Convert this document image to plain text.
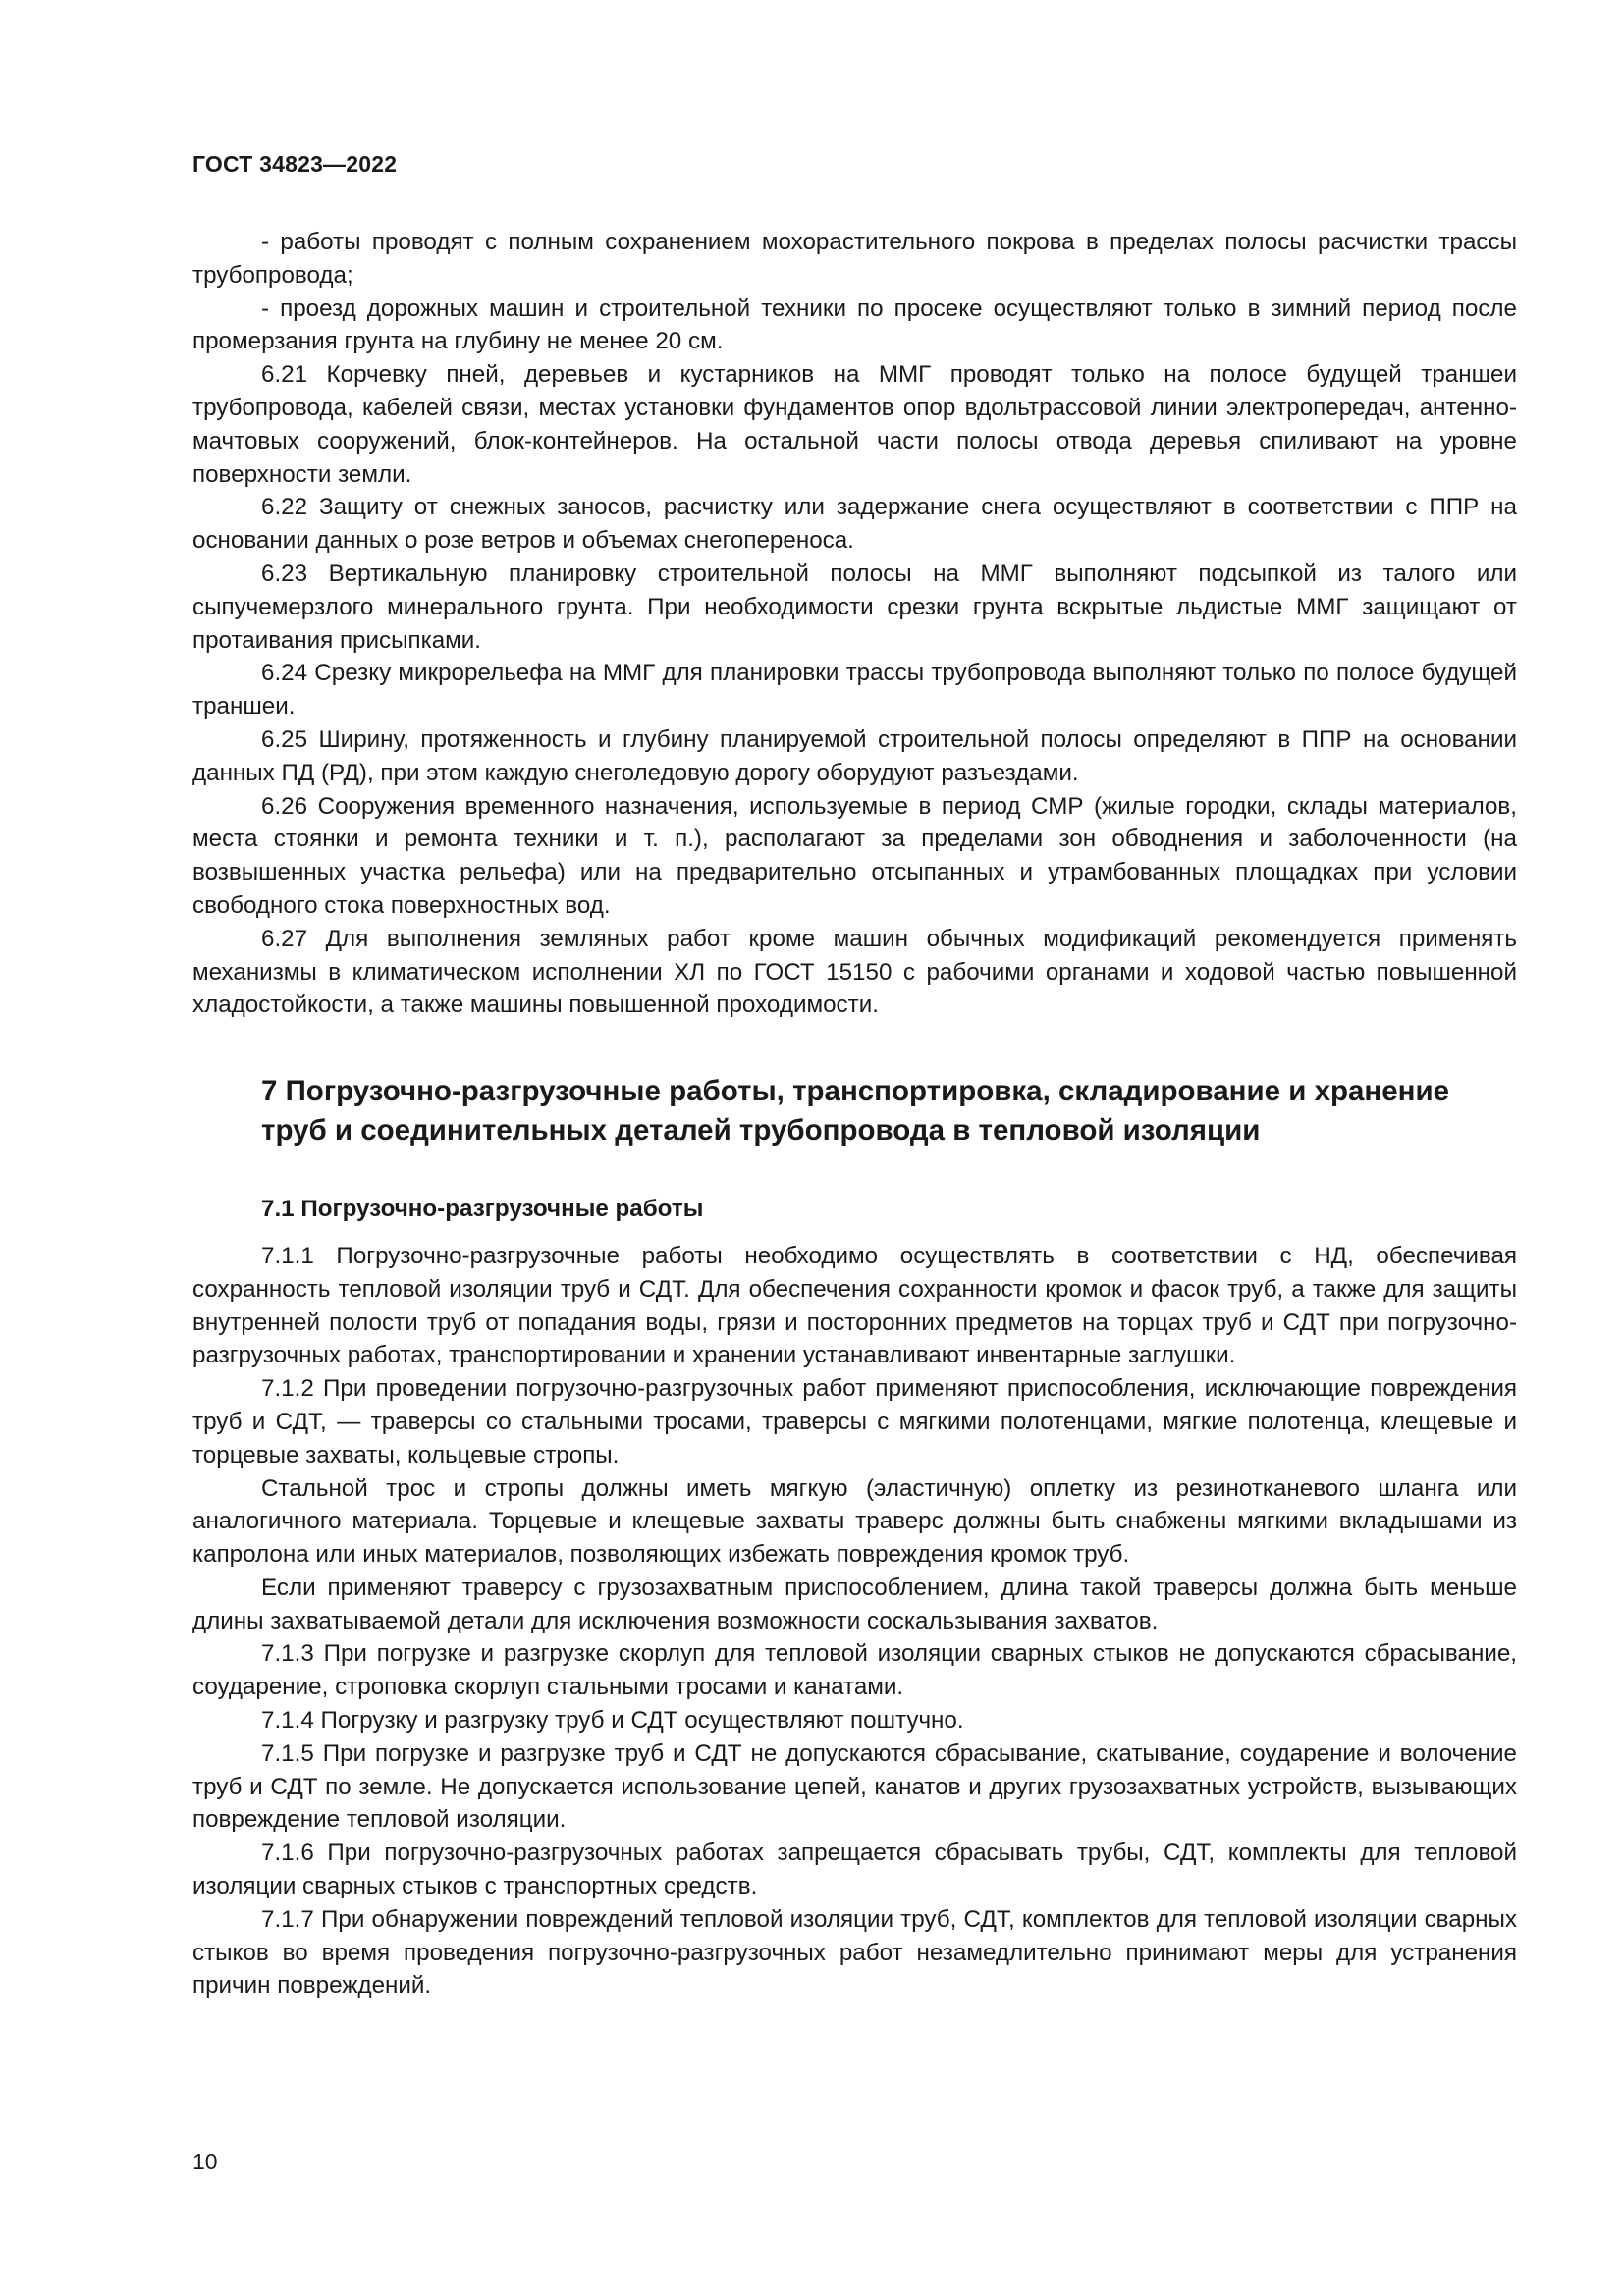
ГОСТ 34823—2022

- работы проводят с полным сохранением мохорастительного покрова в пределах полосы расчистки трассы трубопровода;

- проезд дорожных машин и строительной техники по просеке осуществляют только в зимний период после промерзания грунта на глубину не менее 20 см.

6.21 Корчевку пней, деревьев и кустарников на ММГ проводят только на полосе будущей траншеи трубопровода, кабелей связи, местах установки фундаментов опор вдольтрассовой линии электропередач, антенно-мачтовых сооружений, блок-контейнеров. На остальной части полосы отвода деревья спиливают на уровне поверхности земли.

6.22 Защиту от снежных заносов, расчистку или задержание снега осуществляют в соответствии с ППР на основании данных о розе ветров и объемах снегопереноса.

6.23 Вертикальную планировку строительной полосы на ММГ выполняют подсыпкой из талого или сыпучемерзлого минерального грунта. При необходимости срезки грунта вскрытые льдистые ММГ защищают от протаивания присыпками.

6.24 Срезку микрорельефа на ММГ для планировки трассы трубопровода выполняют только по полосе будущей траншеи.

6.25 Ширину, протяженность и глубину планируемой строительной полосы определяют в ППР на основании данных ПД (РД), при этом каждую снеголедовую дорогу оборудуют разъездами.

6.26 Сооружения временного назначения, используемые в период СМР (жилые городки, склады материалов, места стоянки и ремонта техники и т. п.), располагают за пределами зон обводнения и заболоченности (на возвышенных участка рельефа) или на предварительно отсыпанных и утрамбованных площадках при условии свободного стока поверхностных вод.

6.27 Для выполнения земляных работ кроме машин обычных модификаций рекомендуется применять механизмы в климатическом исполнении ХЛ по ГОСТ 15150 с рабочими органами и ходовой частью повышенной хладостойкости, а также машины повышенной проходимости.

7 Погрузочно-разгрузочные работы, транспортировка, складирование и хранение труб и соединительных деталей трубопровода в тепловой изоляции
7.1 Погрузочно-разгрузочные работы

7.1.1 Погрузочно-разгрузочные работы необходимо осуществлять в соответствии с НД, обеспечивая сохранность тепловой изоляции труб и СДТ. Для обеспечения сохранности кромок и фасок труб, а также для защиты внутренней полости труб от попадания воды, грязи и посторонних предметов на торцах труб и СДТ при погрузочно-разгрузочных работах, транспортировании и хранении устанавливают инвентарные заглушки.

7.1.2 При проведении погрузочно-разгрузочных работ применяют приспособления, исключающие повреждения труб и СДТ, — траверсы со стальными тросами, траверсы с мягкими полотенцами, мягкие полотенца, клещевые и торцевые захваты, кольцевые стропы.

Стальной трос и стропы должны иметь мягкую (эластичную) оплетку из резинотканевого шланга или аналогичного материала. Торцевые и клещевые захваты траверс должны быть снабжены мягкими вкладышами из капролона или иных материалов, позволяющих избежать повреждения кромок труб.

Если применяют траверсу с грузозахватным приспособлением, длина такой траверсы должна быть меньше длины захватываемой детали для исключения возможности соскальзывания захватов.

7.1.3 При погрузке и разгрузке скорлуп для тепловой изоляции сварных стыков не допускаются сбрасывание, соударение, строповка скорлуп стальными тросами и канатами.

7.1.4 Погрузку и разгрузку труб и СДТ осуществляют поштучно.

7.1.5 При погрузке и разгрузке труб и СДТ не допускаются сбрасывание, скатывание, соударение и волочение труб и СДТ по земле. Не допускается использование цепей, канатов и других грузозахватных устройств, вызывающих повреждение тепловой изоляции.

7.1.6 При погрузочно-разгрузочных работах запрещается сбрасывать трубы, СДТ, комплекты для тепловой изоляции сварных стыков с транспортных средств.

7.1.7 При обнаружении повреждений тепловой изоляции труб, СДТ, комплектов для тепловой изоляции сварных стыков во время проведения погрузочно-разгрузочных работ незамедлительно принимают меры для устранения причин повреждений.

10
